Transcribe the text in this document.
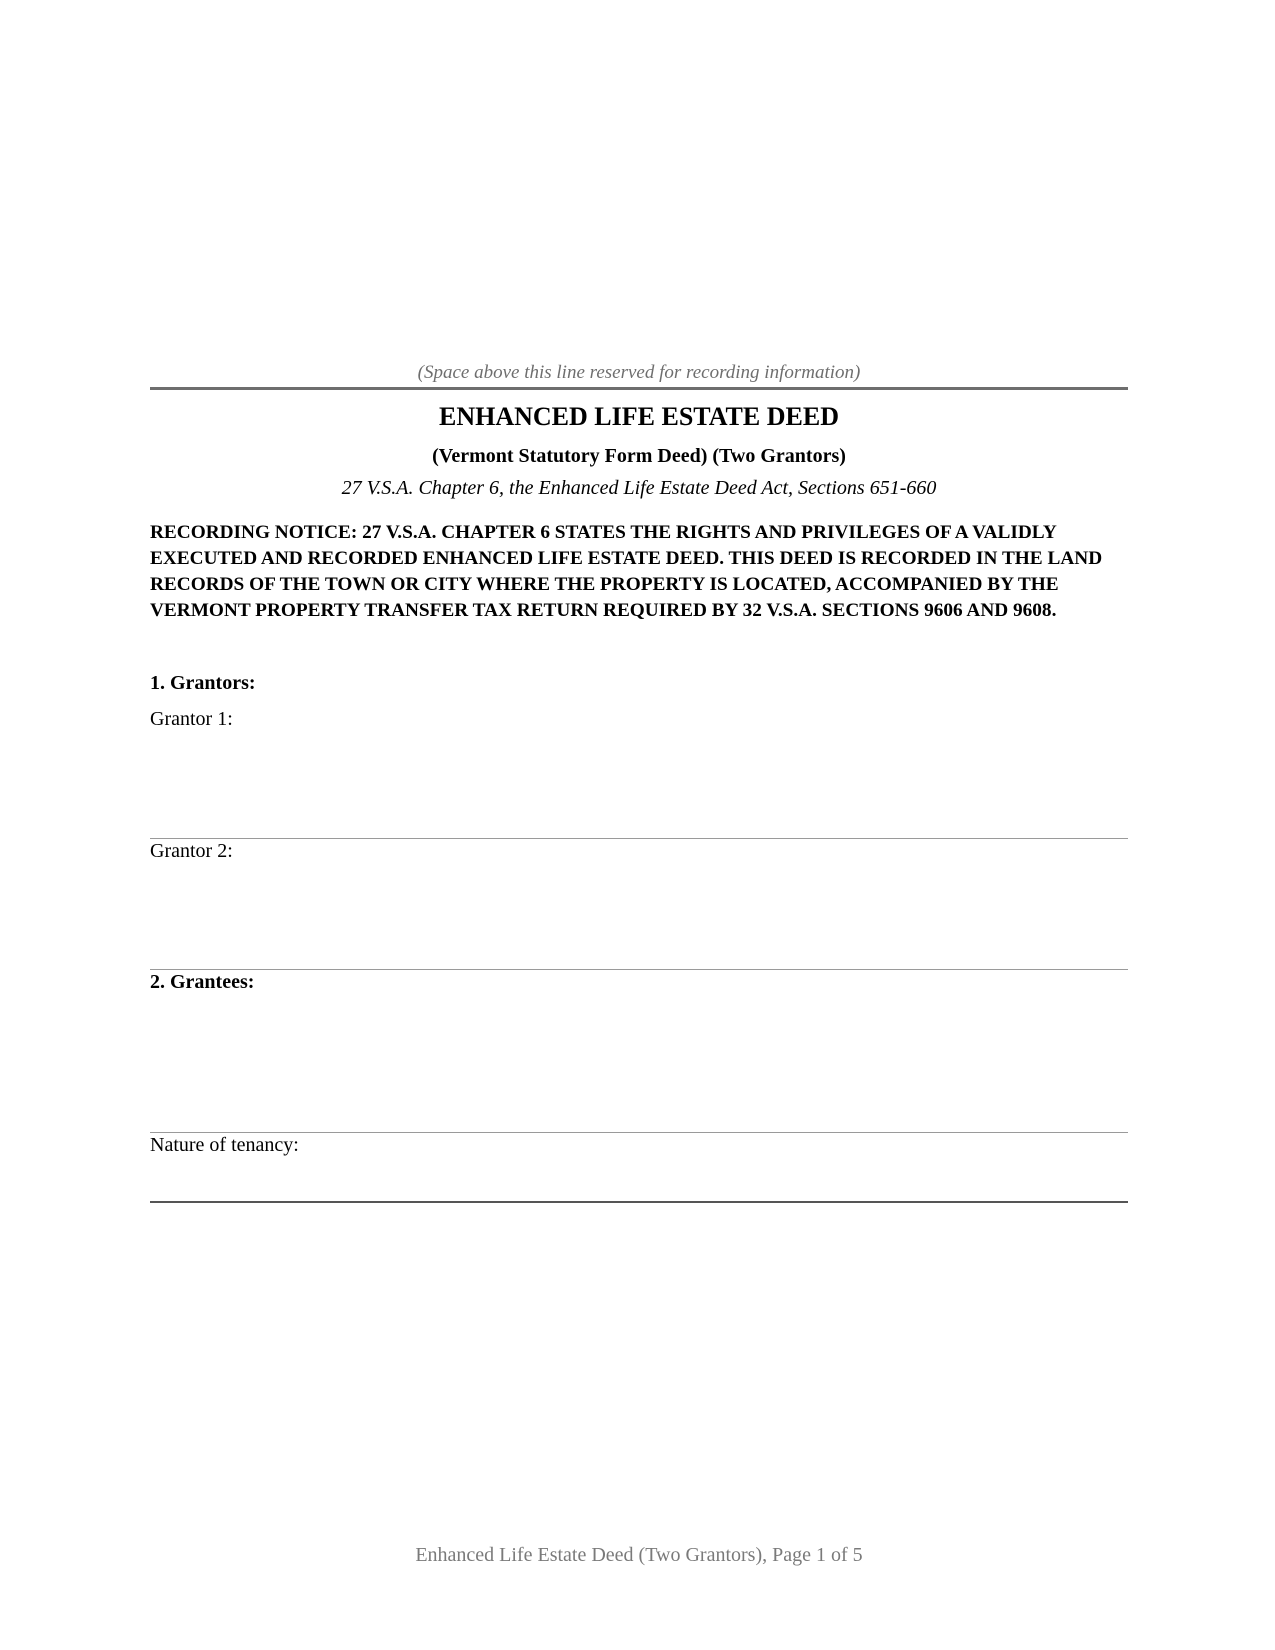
(Space above this line reserved for recording information)
ENHANCED LIFE ESTATE DEED
(Vermont Statutory Form Deed) (Two Grantors)
27 V.S.A. Chapter 6, the Enhanced Life Estate Deed Act, Sections 651-660

RECORDING NOTICE: 27 V.S.A. CHAPTER 6 STATES THE RIGHTS AND PRIVILEGES OF A VALIDLY EXECUTED AND RECORDED ENHANCED LIFE ESTATE DEED. THIS DEED IS RECORDED IN THE LAND RECORDS OF THE TOWN OR CITY WHERE THE PROPERTY IS LOCATED, ACCOMPANIED BY THE VERMONT PROPERTY TRANSFER TAX RETURN REQUIRED BY 32 V.S.A. SECTIONS 9606 AND 9608.

1. Grantors:
Grantor 1:
Grantor 2:
2. Grantees:
Nature of tenancy:
Enhanced Life Estate Deed (Two Grantors), Page 1 of 5
